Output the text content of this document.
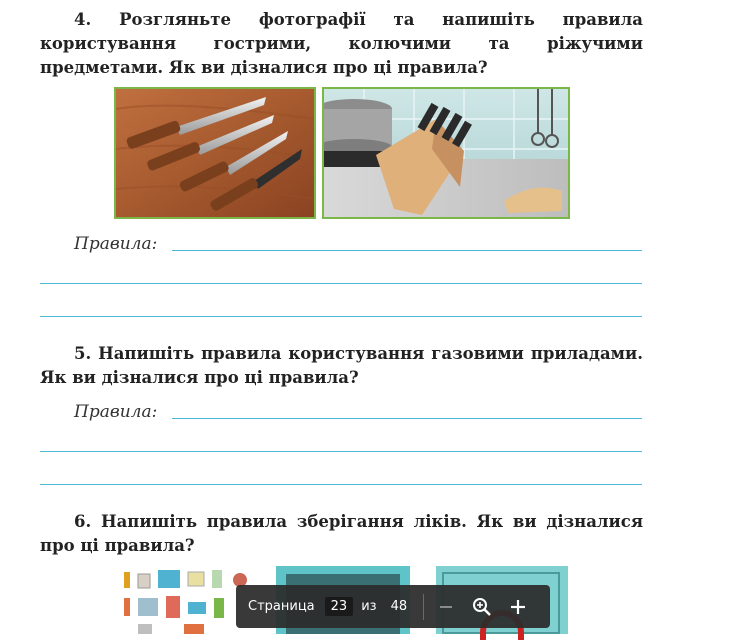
4. Розгляньте фотографії та напишіть правила користування гострими, колючими та ріжучими предметами. Як ви дізналися про ці правила?

Правила:

5. Напишіть правила користування газовими приладами. Як ви дізналися про ці правила?

Правила:

6. Напишіть правила зберігання ліків. Як ви дізналися про ці правила?

Страница	23	из 48
